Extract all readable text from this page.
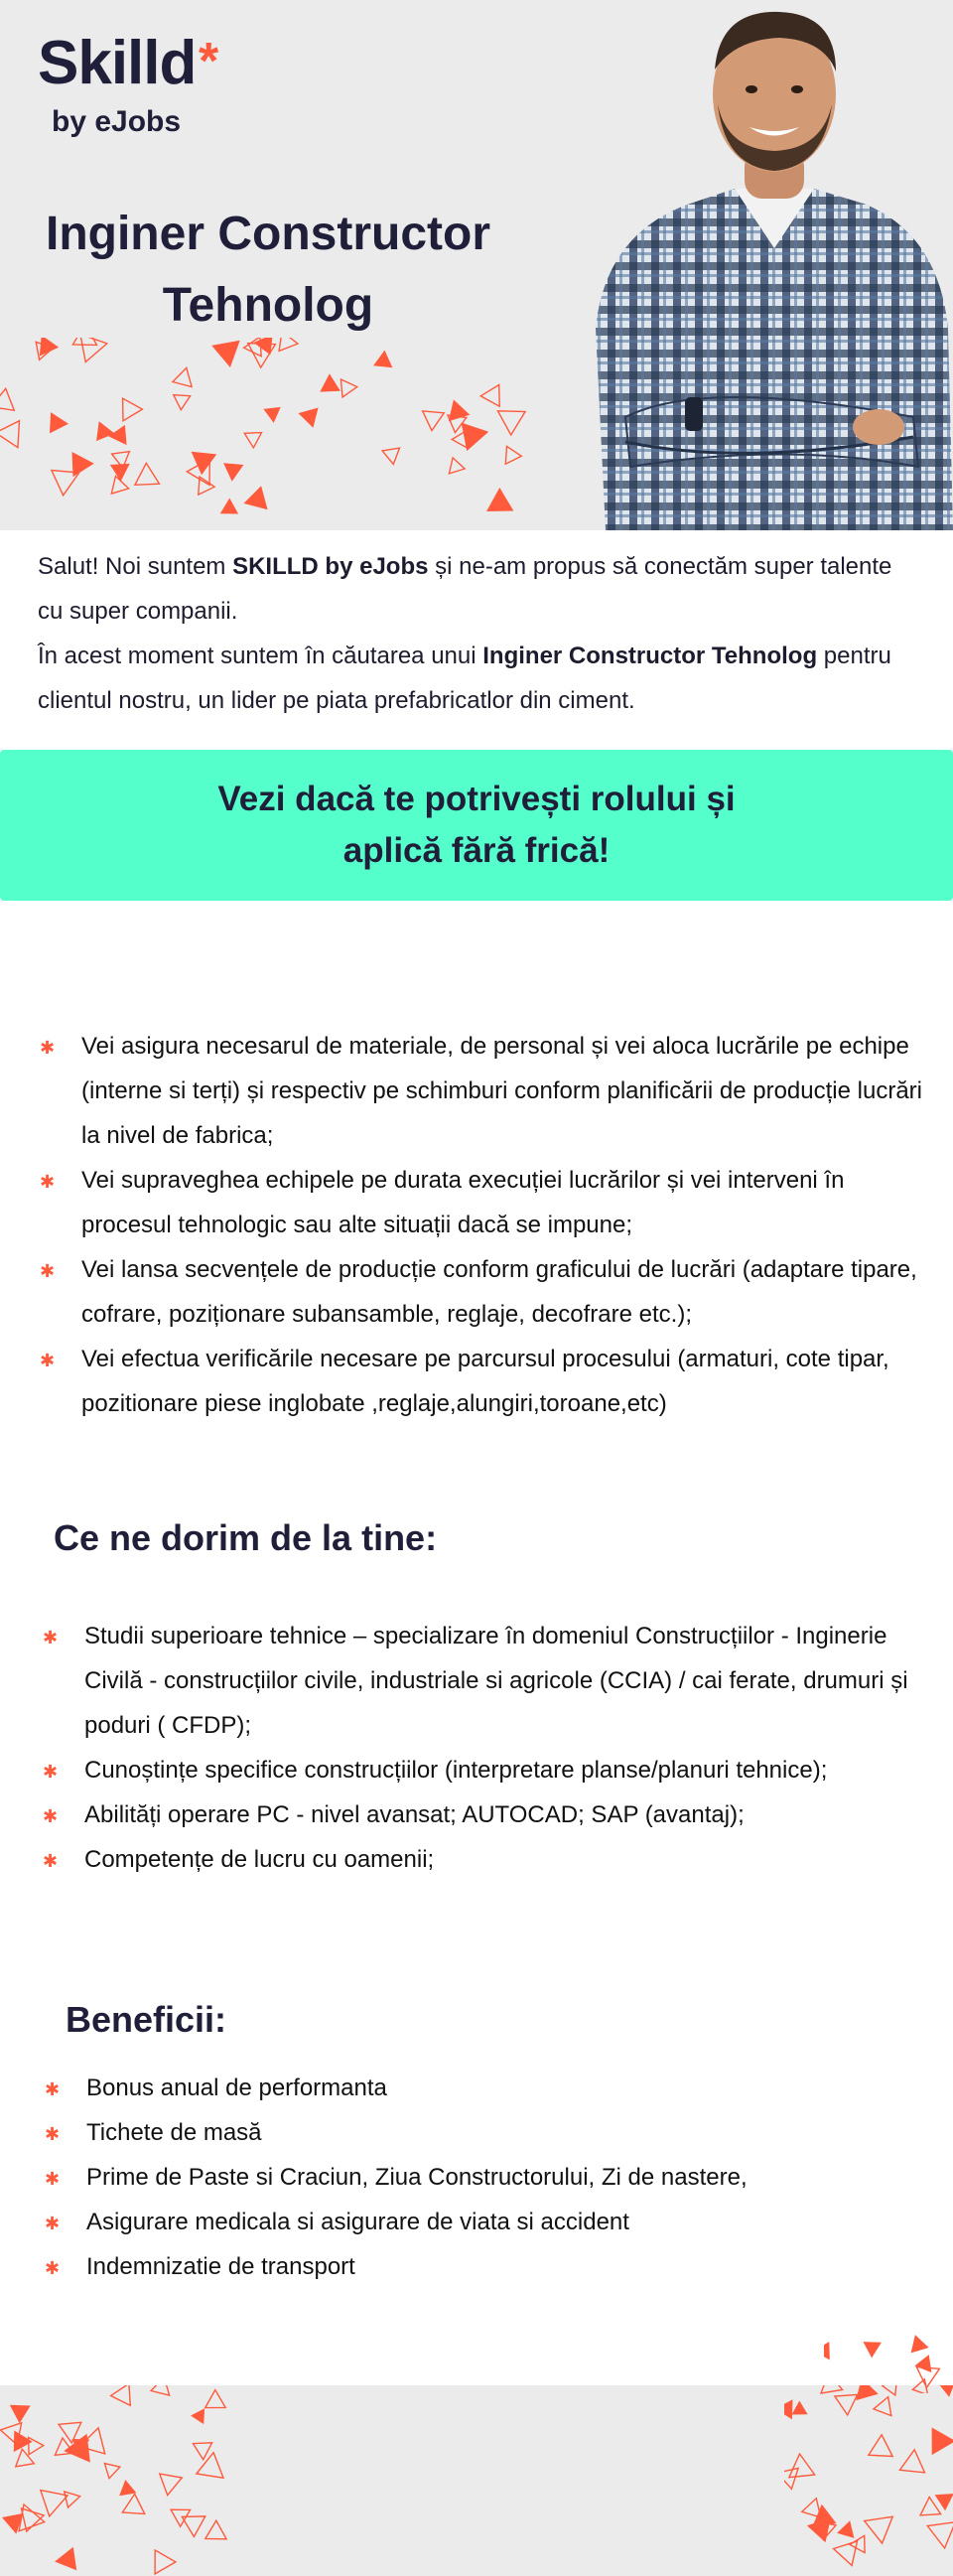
Skilld *
by eJobs
Inginer Constructor Tehnolog

Salut! Noi suntem SKILLD by eJobs și ne-am propus să conectăm super talente cu super companii.

În acest moment suntem în căutarea unui Inginer Constructor Tehnolog pentru clientul nostru, un lider pe piata prefabricatlor din ciment.

Vezi dacă te potrivești rolului și aplică fără frică!
✱ Vei asigura necesarul de materiale, de personal și vei aloca lucrările pe echipe (interne si terți) și respectiv pe schimburi conform planificării de producție lucrări la nivel de fabrica;
✱ Vei supraveghea echipele pe durata execuției lucrărilor și vei interveni în procesul tehnologic sau alte situații dacă se impune;
✱ Vei lansa secvențele de producție conform graficului de lucrări (adaptare tipare, cofrare, poziționare subansamble, reglaje, decofrare etc.);
✱ Vei efectua verificările necesare pe parcursul procesului (armaturi, cote tipar, pozitionare piese inglobate ,reglaje,alungiri,toroane,etc)
Ce ne dorim de la tine:
✱ Studii superioare tehnice – specializare în domeniul Construcțiilor - Inginerie Civilă - construcțiilor civile, industriale si agricole (CCIA) / cai ferate, drumuri și poduri ( CFDP);
✱ Cunoștințe specifice construcțiilor (interpretare planse/planuri tehnice);
✱ Abilități operare PC - nivel avansat; AUTOCAD; SAP (avantaj);
✱ Competențe de lucru cu oamenii;
Beneficii:
✱ Bonus anual de performanta
✱ Tichete de masă
✱ Prime de Paste si Craciun, Ziua Constructorului, Zi de nastere,
✱ Asigurare medicala si asigurare de viata si accident
✱ Indemnizatie de transport
